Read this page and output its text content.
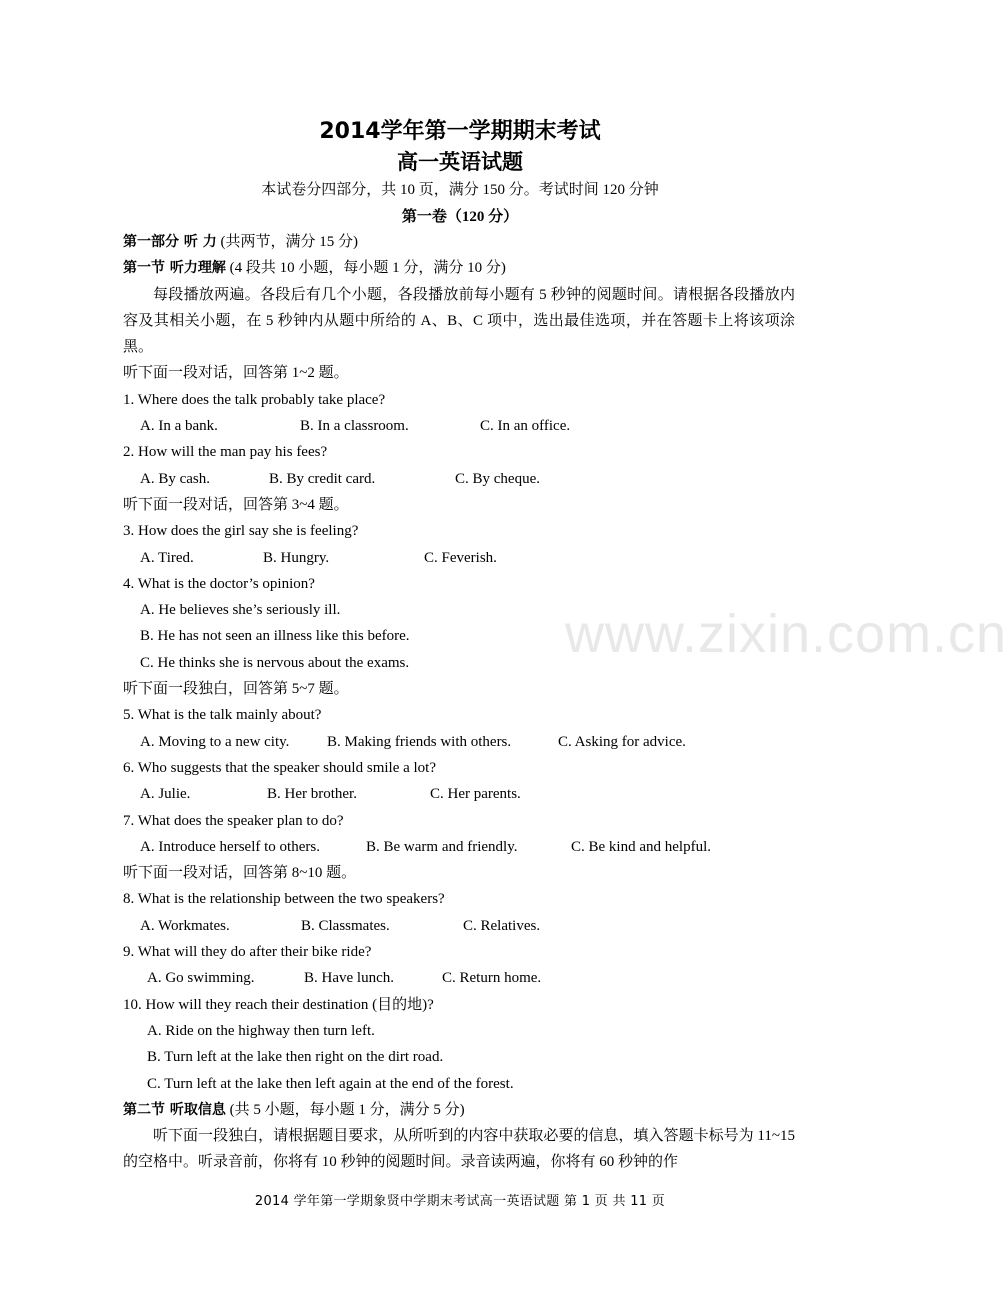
2014学年第一学期期末考试
高一英语试题
本试卷分四部分，共 10 页，满分 150 分。考试时间 120 分钟
第一卷（120 分）
第一部分 听 力 (共两节，满分 15 分)
第一节 听力理解 (4 段共 10 小题，每小题 1 分，满分 10 分)
每段播放两遍。各段后有几个小题，各段播放前每小题有 5 秒钟的阅题时间。请根据各段播放内容及其相关小题，在 5 秒钟内从题中所给的 A、B、C 项中，选出最佳选项，并在答题卡上将该项涂黑。
听下面一段对话，回答第 1~2 题。
1. Where does the talk probably take place?
A. In a bank.	B. In a classroom.	C. In an office.
2. How will the man pay his fees?
A. By cash.	B. By credit card.	C. By cheque.
听下面一段对话，回答第 3~4 题。
3. How does the girl say she is feeling?
A. Tired.	B. Hungry.	C. Feverish.
4. What is the doctor’s opinion?
A. He believes she’s seriously ill.
B. He has not seen an illness like this before.
C. He thinks she is nervous about the exams.
听下面一段独白，回答第 5~7 题。
5. What is the talk mainly about?
A. Moving to a new city.	B. Making friends with others.	C. Asking for advice.
6. Who suggests that the speaker should smile a lot?
A. Julie.	B. Her brother.	C. Her parents.
7. What does the speaker plan to do?
A. Introduce herself to others.	B. Be warm and friendly.	C. Be kind and helpful.
听下面一段对话，回答第 8~10 题。
8. What is the relationship between the two speakers?
A. Workmates.	B. Classmates.	C. Relatives.
9. What will they do after their bike ride?
A. Go swimming.	B. Have lunch.	C. Return home.
10. How will they reach their destination (目的地)?
A. Ride on the highway then turn left.
B. Turn left at the lake then right on the dirt road.
C. Turn left at the lake then left again at the end of the forest.
第二节 听取信息 (共 5 小题，每小题 1 分，满分 5 分)
听下面一段独白，请根据题目要求，从所听到的内容中获取必要的信息，填入答题卡标号为 11~15 的空格中。听录音前，你将有 10 秒钟的阅题时间。录音读两遍，你将有 60 秒钟的作
www.zixin.com.cn
2014 学年第一学期象贤中学期末考试高一英语试题 第 1 页 共 11 页
